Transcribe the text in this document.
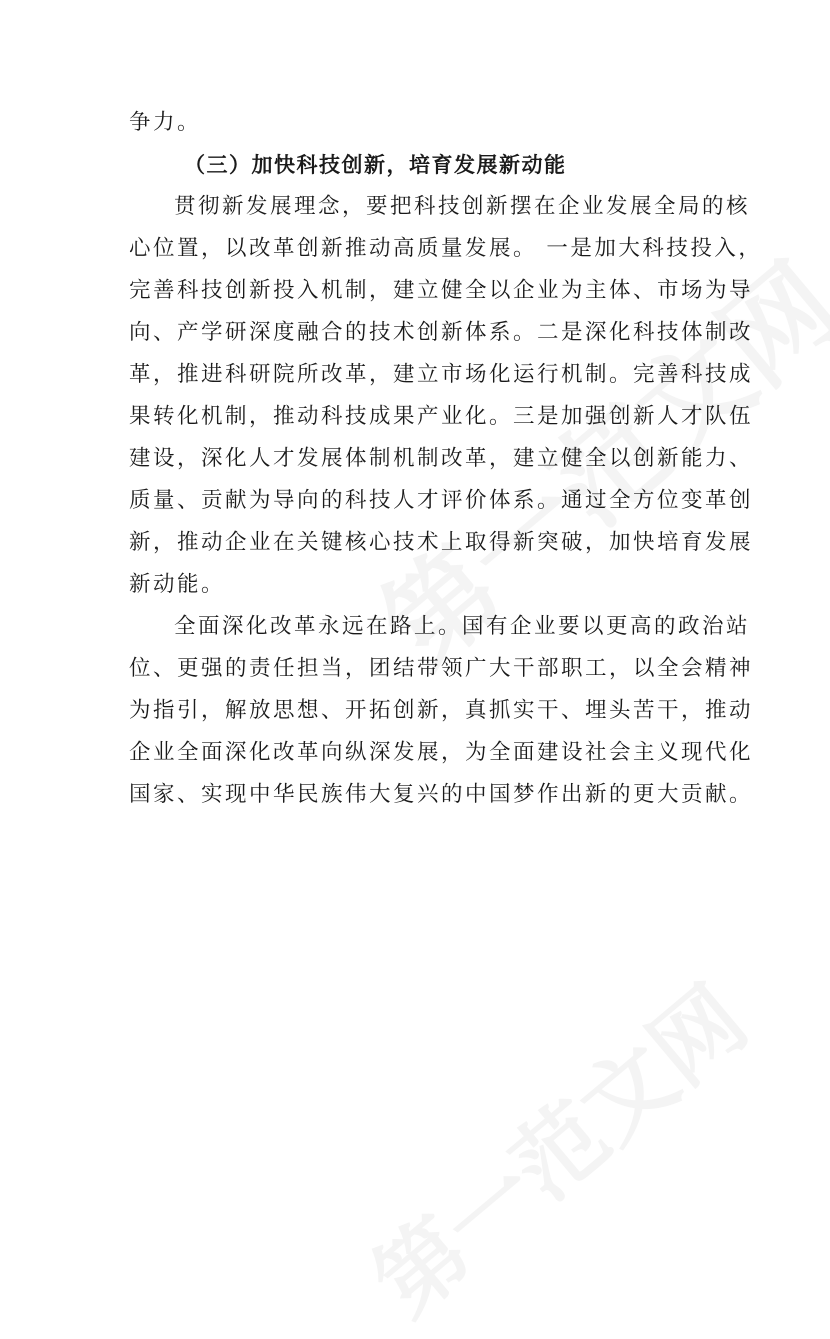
争力。

（三）加快科技创新，培育发展新动能

贯彻新发展理念，要把科技创新摆在企业发展全局的核

心位置，以改革创新推动高质量发展。 一是加大科技投入，

完善科技创新投入机制，建立健全以企业为主体、市场为导

向、产学研深度融合的技术创新体系。二是深化科技体制改

革，推进科研院所改革，建立市场化运行机制。完善科技成

果转化机制，推动科技成果产业化。三是加强创新人才队伍

建设，深化人才发展体制机制改革，建立健全以创新能力、

质量、贡献为导向的科技人才评价体系。通过全方位变革创

新，推动企业在关键核心技术上取得新突破，加快培育发展

新动能。

全面深化改革永远在路上。国有企业要以更高的政治站

位、更强的责任担当，团结带领广大干部职工，以全会精神

为指引，解放思想、开拓创新，真抓实干、埋头苦干，推动

企业全面深化改革向纵深发展，为全面建设社会主义现代化

国家、实现中华民族伟大复兴的中国梦作出新的更大贡献。
